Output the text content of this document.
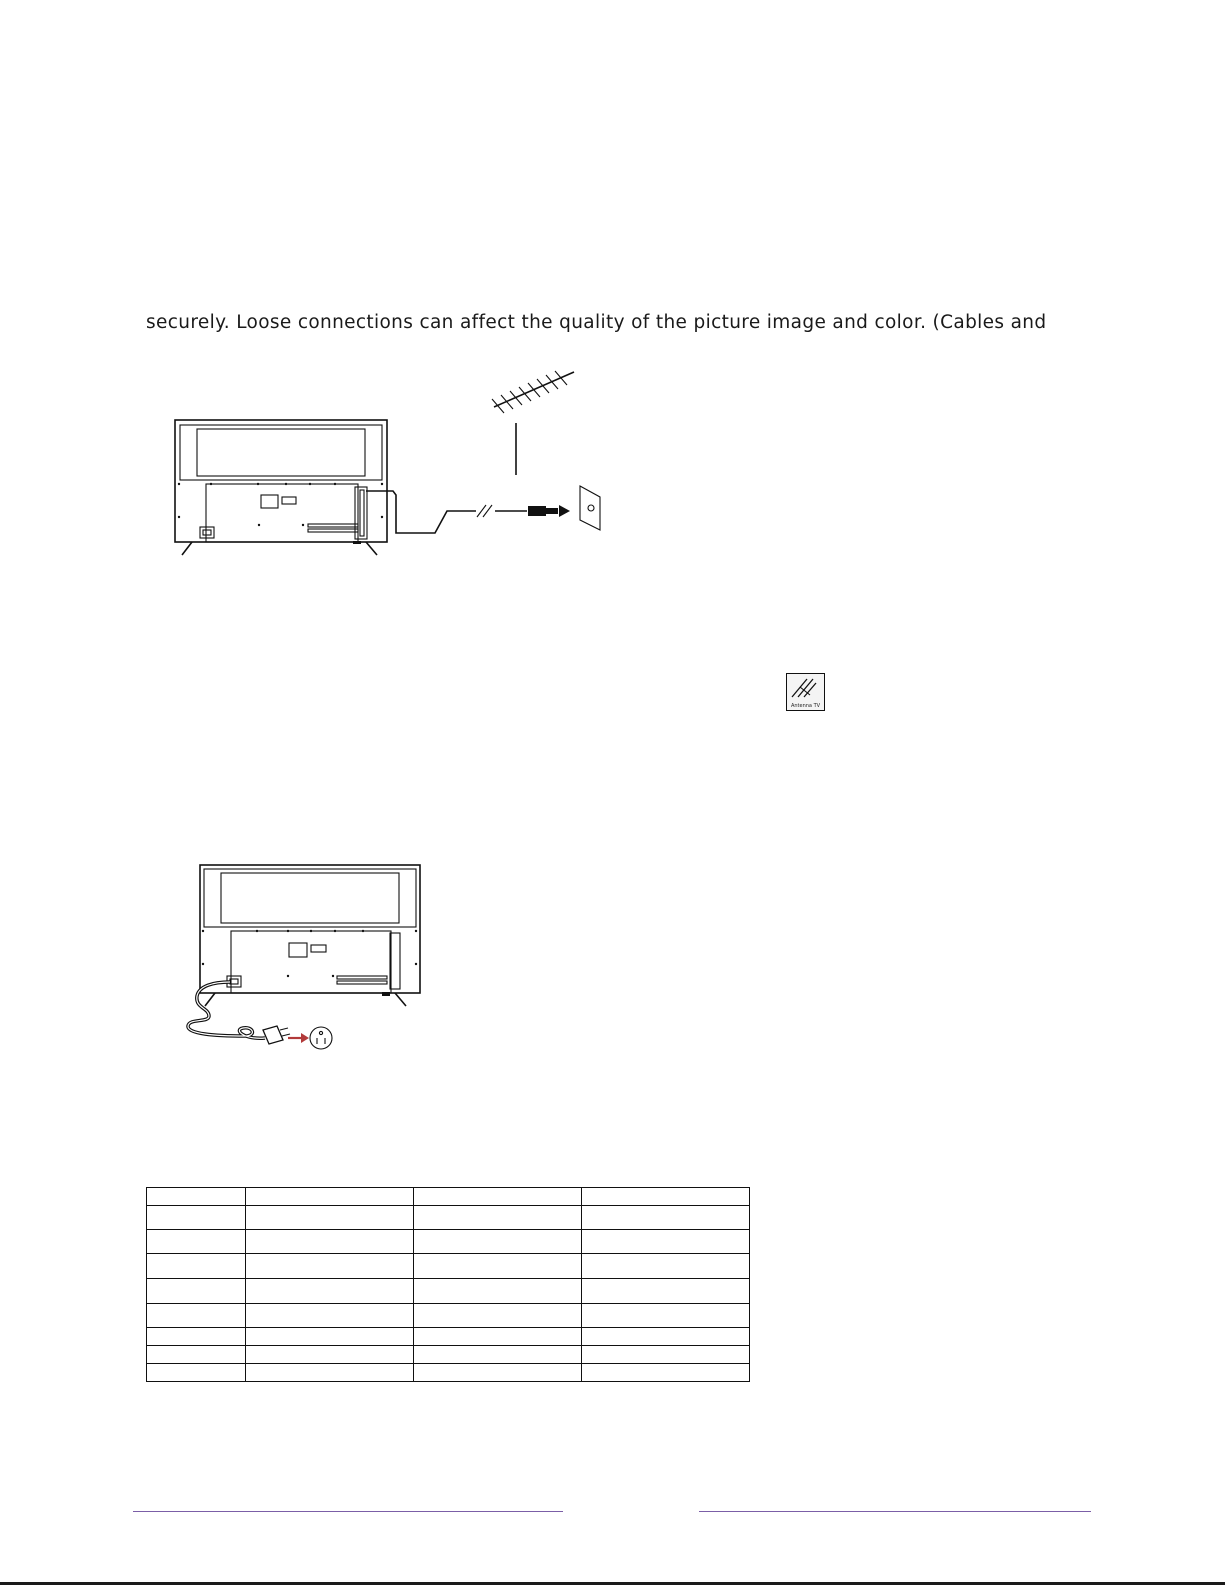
securely. Loose connections can affect the quality of the picture image and color. (Cables and
Antenna TV
